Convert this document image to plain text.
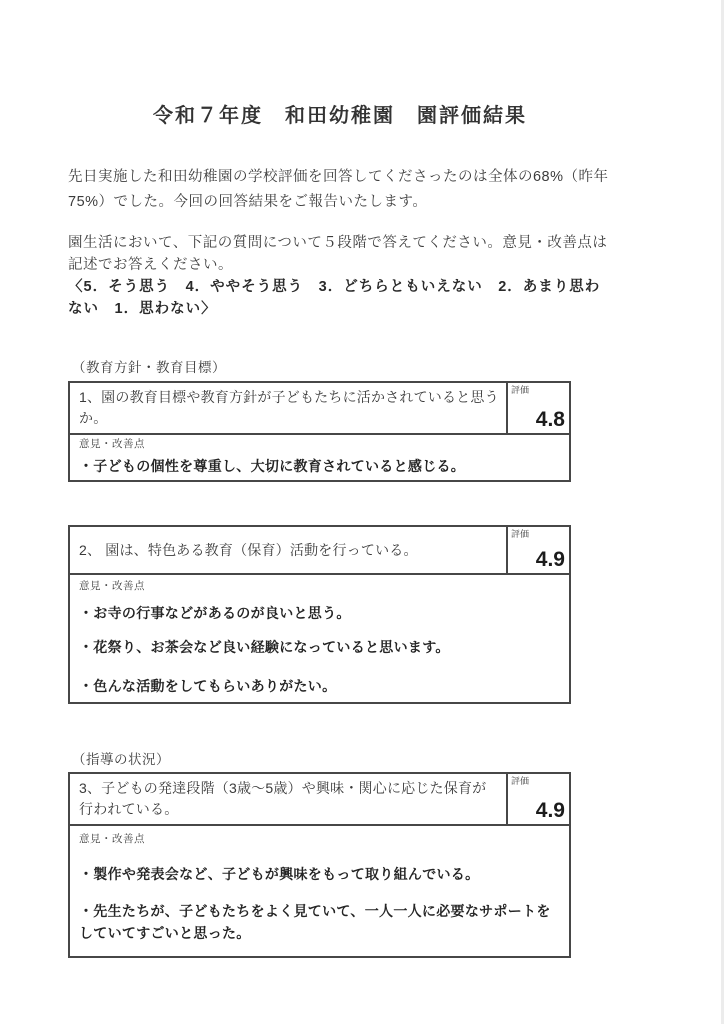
令和７年度　和田幼稚園　園評価結果

先日実施した和田幼稚園の学校評価を回答してくださったのは全体の68%（昨年75%）でした。今回の回答結果をご報告いたします。

園生活において、下記の質問について５段階で答えてください。意見・改善点は記述でお答えください。

〈5．そう思う　4．ややそう思う　3．どちらともいえない　2．あまり思わない　1．思わない〉

（教育方針・教育目標）
1、園の教育目標や教育方針が子どもたちに活かされていると思うか。
評価
4.8
意見・改善点

・子どもの個性を尊重し、大切に教育されていると感じる。

2、 園は、特色ある教育（保育）活動を行っている。
評価
4.9
意見・改善点

・お寺の行事などがあるのが良いと思う。

・花祭り、お茶会など良い経験になっていると思います。

・色んな活動をしてもらいありがたい。

（指導の状況）
3、子どもの発達段階（3歳～5歳）や興味・関心に応じた保育が行われている。
評価
4.9
意見・改善点

・製作や発表会など、子どもが興味をもって取り組んでいる。

・先生たちが、子どもたちをよく見ていて、一人一人に必要なサポートをしていてすごいと思った。
